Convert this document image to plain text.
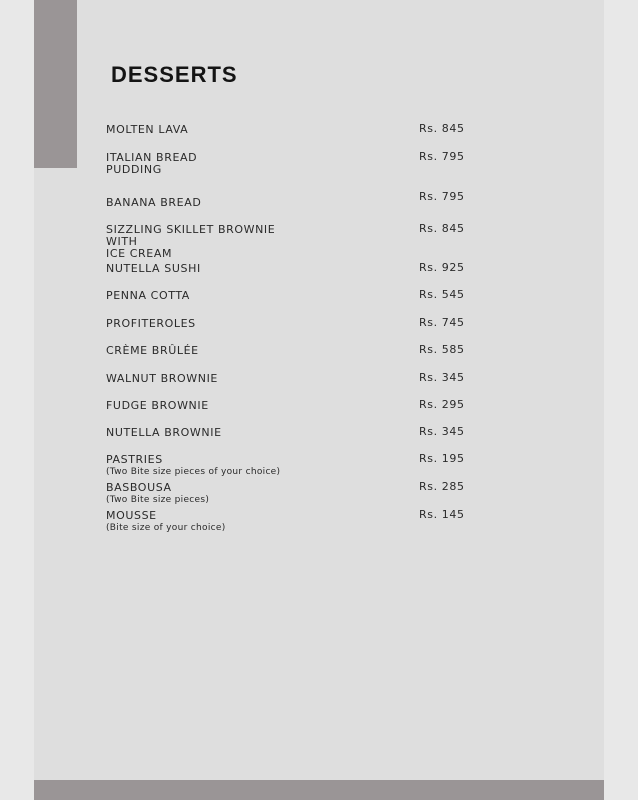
DESSERTS
MOLTEN LAVA	Rs. 845
ITALIAN BREAD
PUDDING
Rs. 795
BANANA BREAD	Rs. 795
SIZZLING SKILLET BROWNIE WITH
ICE CREAM
Rs. 845
NUTELLA SUSHI	Rs. 925
PENNA COTTA	Rs. 545
PROFITEROLES	Rs. 745
CRÈME BRÛLÉE	Rs. 585
WALNUT BROWNIE	Rs. 345
FUDGE BROWNIE	Rs. 295
NUTELLA BROWNIE	Rs. 345
PASTRIES
(Two Bite size pieces of your choice)
Rs. 195
BASBOUSA
(Two Bite size pieces)
Rs. 285
MOUSSE
(Bite size of your choice)
Rs. 145
